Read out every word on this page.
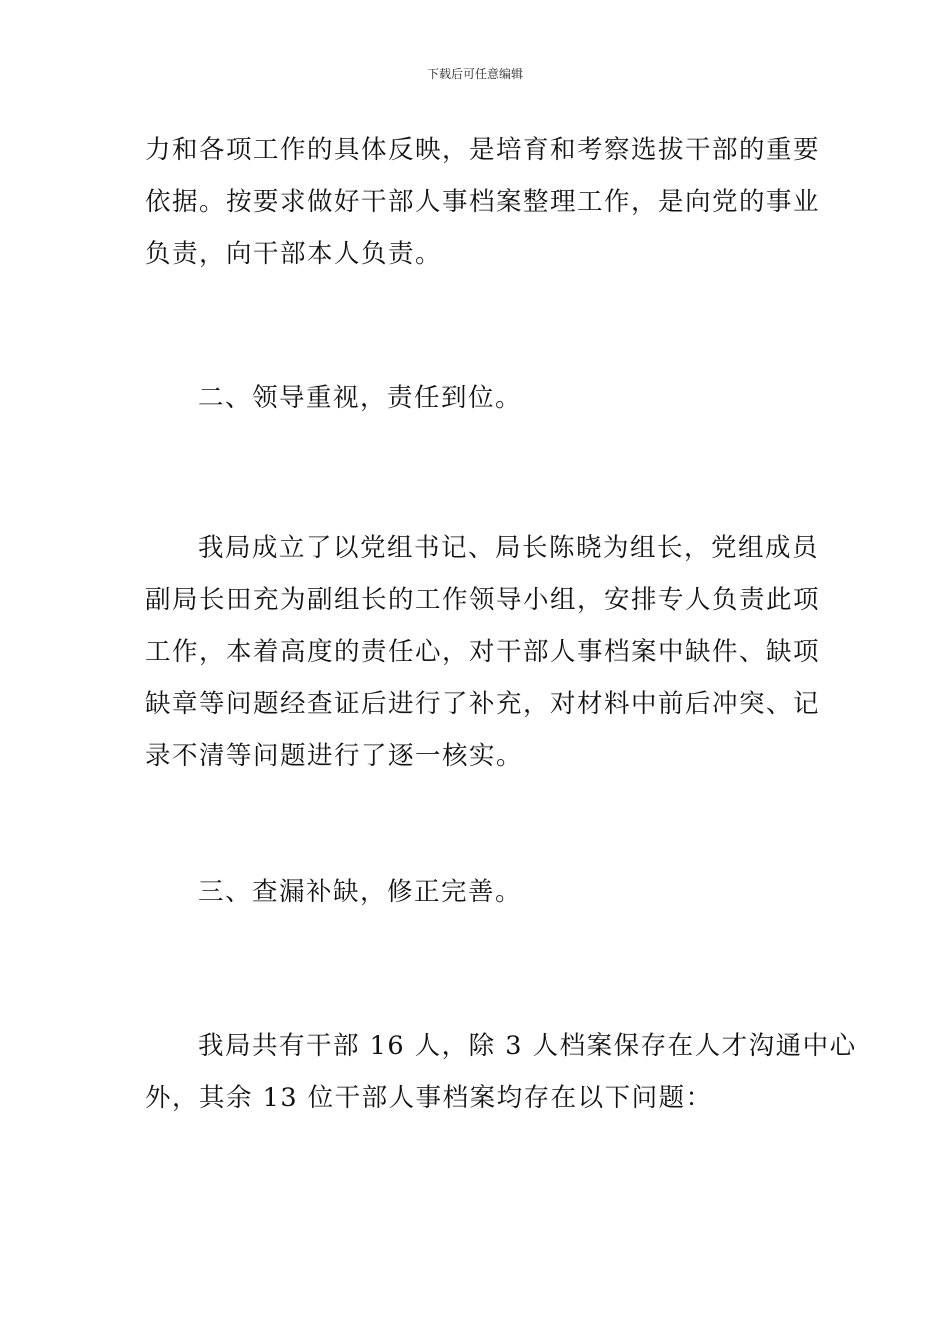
下载后可任意编辑
力和各项工作的具体反映，是培育和考察选拔干部的重要
依据。按要求做好干部人事档案整理工作，是向党的事业
负责，向干部本人负责。
二、领导重视，责任到位。
我局成立了以党组书记、局长陈晓为组长，党组成员
副局长田充为副组长的工作领导小组，安排专人负责此项
工作，本着高度的责任心，对干部人事档案中缺件、缺项
缺章等问题经查证后进行了补充，对材料中前后冲突、记
录不清等问题进行了逐一核实。
三、查漏补缺，修正完善。
我局共有干部 16 人，除 3 人档案保存在人才沟通中心
外，其余 13 位干部人事档案均存在以下问题：
